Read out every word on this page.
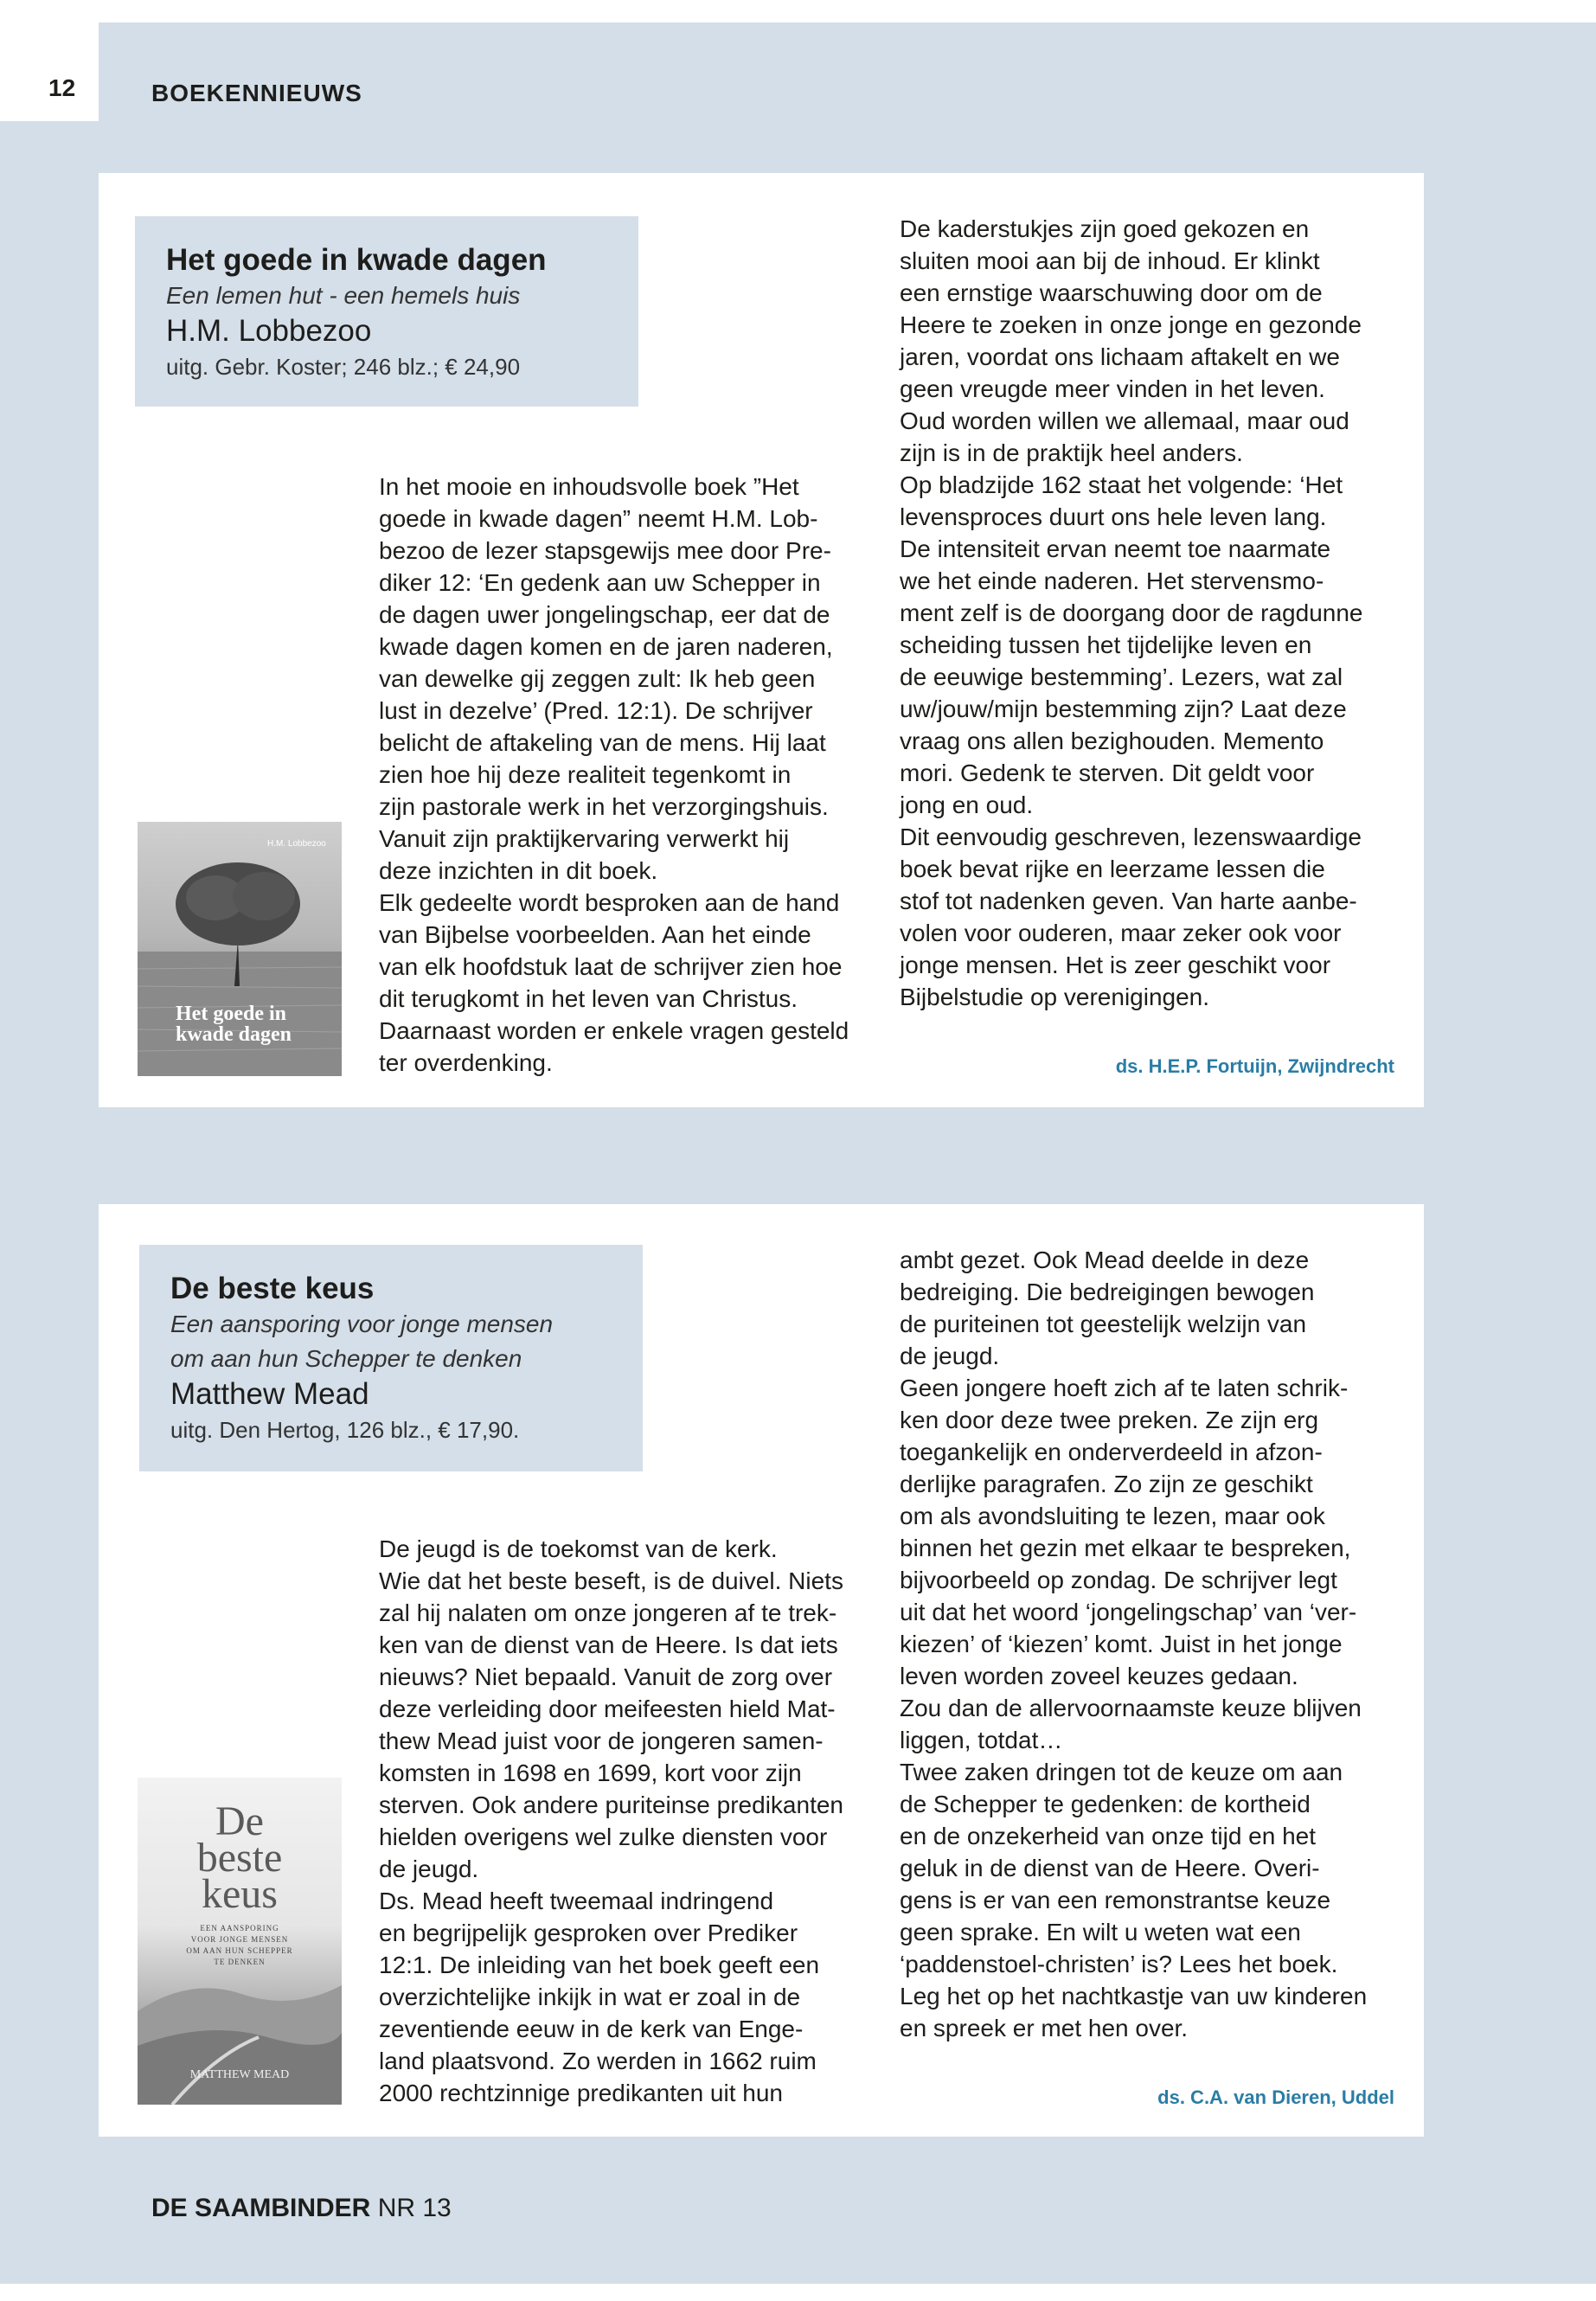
12	BOEKENNIEUWS
Het goede in kwade dagen
Een lemen hut - een hemels huis
H.M. Lobbezoo
uitg. Gebr. Koster; 246 blz.; € 24,90
H.M. Lobbezoo
Het goede in kwade dagen

In het mooie en inhoudsvolle boek ”Het

goede in kwade dagen” neemt H.M. Lob-

bezoo de lezer stapsgewijs mee door Pre-

diker 12: ‘En gedenk aan uw Schepper in

de dagen uwer jongelingschap, eer dat de

kwade dagen komen en de jaren naderen,

van dewelke gij zeggen zult: Ik heb geen

lust in dezelve’ (Pred. 12:1). De schrijver

belicht de aftakeling van de mens. Hij laat

zien hoe hij deze realiteit tegenkomt in

zijn pastorale werk in het verzorgingshuis.

Vanuit zijn praktijkervaring verwerkt hij

deze inzichten in dit boek.

Elk gedeelte wordt besproken aan de hand

van Bijbelse voorbeelden. Aan het einde

van elk hoofdstuk laat de schrijver zien hoe

dit terugkomt in het leven van Christus.

Daarnaast worden er enkele vragen gesteld

ter overdenking.

De kaderstukjes zijn goed gekozen en

sluiten mooi aan bij de inhoud. Er klinkt

een ernstige waarschuwing door om de

Heere te zoeken in onze jonge en gezonde

jaren, voordat ons lichaam aftakelt en we

geen vreugde meer vinden in het leven.

Oud worden willen we allemaal, maar oud

zijn is in de praktijk heel anders.

Op bladzijde 162 staat het volgende: ‘Het

levensproces duurt ons hele leven lang.

De intensiteit ervan neemt toe naarmate

we het einde naderen. Het stervensmo-

ment zelf is de doorgang door de ragdunne

scheiding tussen het tijdelijke leven en

de eeuwige bestemming’. Lezers, wat zal

uw/jouw/mijn bestemming zijn? Laat deze

vraag ons allen bezighouden. Memento

mori. Gedenk te sterven. Dit geldt voor

jong en oud.

Dit eenvoudig geschreven, lezenswaardige

boek bevat rijke en leerzame lessen die

stof tot nadenken geven. Van harte aanbe-

volen voor ouderen, maar zeker ook voor

jonge mensen. Het is zeer geschikt voor

Bijbelstudie op verenigingen.

ds. H.E.P. Fortuijn, Zwijndrecht
De beste keus
Een aansporing voor jonge mensen
om aan hun Schepper te denken
Matthew Mead
uitg. Den Hertog, 126 blz., € 17,90.
De
beste
keus
EEN AANSPORING
VOOR JONGE MENSEN
OM AAN HUN SCHEPPER
TE DENKEN
MATTHEW MEAD

De jeugd is de toekomst van de kerk.

Wie dat het beste beseft, is de duivel. Niets

zal hij nalaten om onze jongeren af te trek-

ken van de dienst van de Heere. Is dat iets

nieuws? Niet bepaald. Vanuit de zorg over

deze verleiding door meifeesten hield Mat-

thew Mead juist voor de jongeren samen-

komsten in 1698 en 1699, kort voor zijn

sterven. Ook andere puriteinse predikanten

hielden overigens wel zulke diensten voor

de jeugd.

Ds. Mead heeft tweemaal indringend

en begrijpelijk gesproken over Prediker

12:1. De inleiding van het boek geeft een

overzichtelijke inkijk in wat er zoal in de

zeventiende eeuw in de kerk van Enge-

land plaatsvond. Zo werden in 1662 ruim

2000 rechtzinnige predikanten uit hun

ambt gezet. Ook Mead deelde in deze

bedreiging. Die bedreigingen bewogen

de puriteinen tot geestelijk welzijn van

de jeugd.

Geen jongere hoeft zich af te laten schrik-

ken door deze twee preken. Ze zijn erg

toegankelijk en onderverdeeld in afzon-

derlijke paragrafen. Zo zijn ze geschikt

om als avondsluiting te lezen, maar ook

binnen het gezin met elkaar te bespreken,

bijvoorbeeld op zondag. De schrijver legt

uit dat het woord ‘jongelingschap’ van ‘ver-

kiezen’ of ‘kiezen’ komt. Juist in het jonge

leven worden zoveel keuzes gedaan.

Zou dan de allervoornaamste keuze blijven

liggen, totdat…

Twee zaken dringen tot de keuze om aan

de Schepper te gedenken: de kortheid

en de onzekerheid van onze tijd en het

geluk in de dienst van de Heere. Overi-

gens is er van een remonstrantse keuze

geen sprake. En wilt u weten wat een

‘paddenstoel-christen’ is? Lees het boek.

Leg het op het nachtkastje van uw kinderen

en spreek er met hen over.

ds. C.A. van Dieren, Uddel
DE SAAMBINDER NR 13
